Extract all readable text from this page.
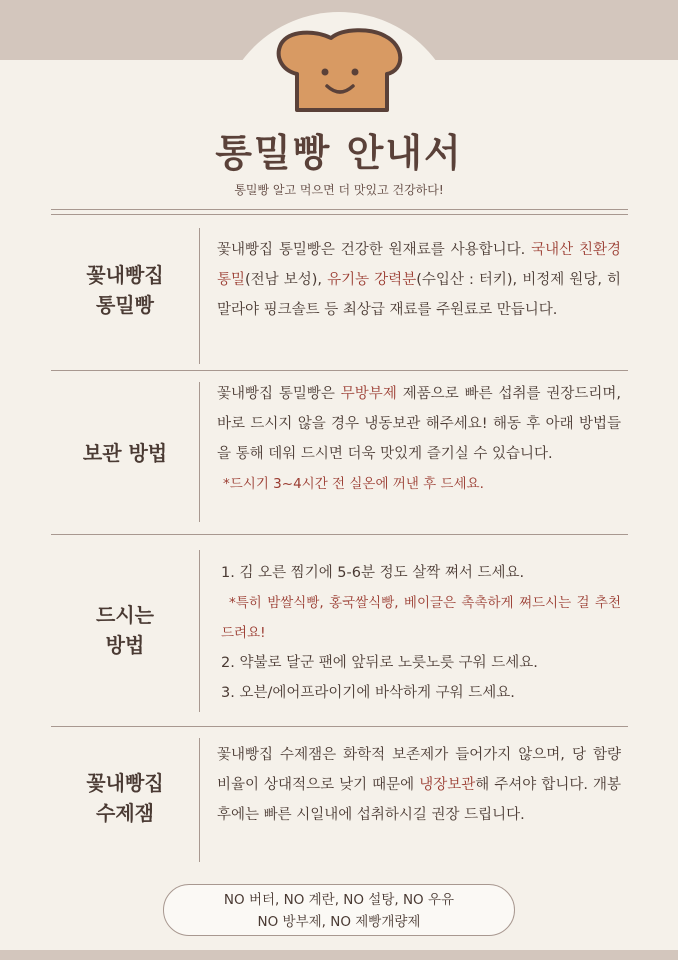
통밀빵 안내서
통밀빵 알고 먹으면 더 맛있고 건강하다!
꽃내빵집
통밀빵
꽃내빵집 통밀빵은 건강한 원재료를 사용합니다. 국내산 친환경 통밀(전남 보성), 유기농 강력분(수입산 : 터키), 비정제 원당, 히말라야 핑크솔트 등 최상급 재료를 주원료로 만듭니다.
보관 방법
꽃내빵집 통밀빵은 무방부제 제품으로 빠른 섭취를 권장드리며, 바로 드시지 않을 경우 냉동보관 해주세요! 해동 후 아래 방법들을 통해 데워 드시면 더욱 맛있게 즐기실 수 있습니다.
*드시기 3~4시간 전 실온에 꺼낸 후 드세요.
드시는
방법
1. 김 오른 찜기에 5-6분 정도 살짝 쪄서 드세요.
*특히 밤쌀식빵, 홍국쌀식빵, 베이글은 촉촉하게 쪄드시는 걸 추천드려요!
2. 약불로 달군 팬에 앞뒤로 노릇노릇 구워 드세요.
3. 오븐/에어프라이기에 바삭하게 구워 드세요.
꽃내빵집
수제잼
꽃내빵집 수제잼은 화학적 보존제가 들어가지 않으며, 당 함량 비율이 상대적으로 낮기 때문에 냉장보관해 주셔야 합니다. 개봉 후에는 빠른 시일내에 섭취하시길 권장 드립니다.
NO 버터, NO 계란, NO 설탕, NO 우유
NO 방부제, NO 제빵개량제
